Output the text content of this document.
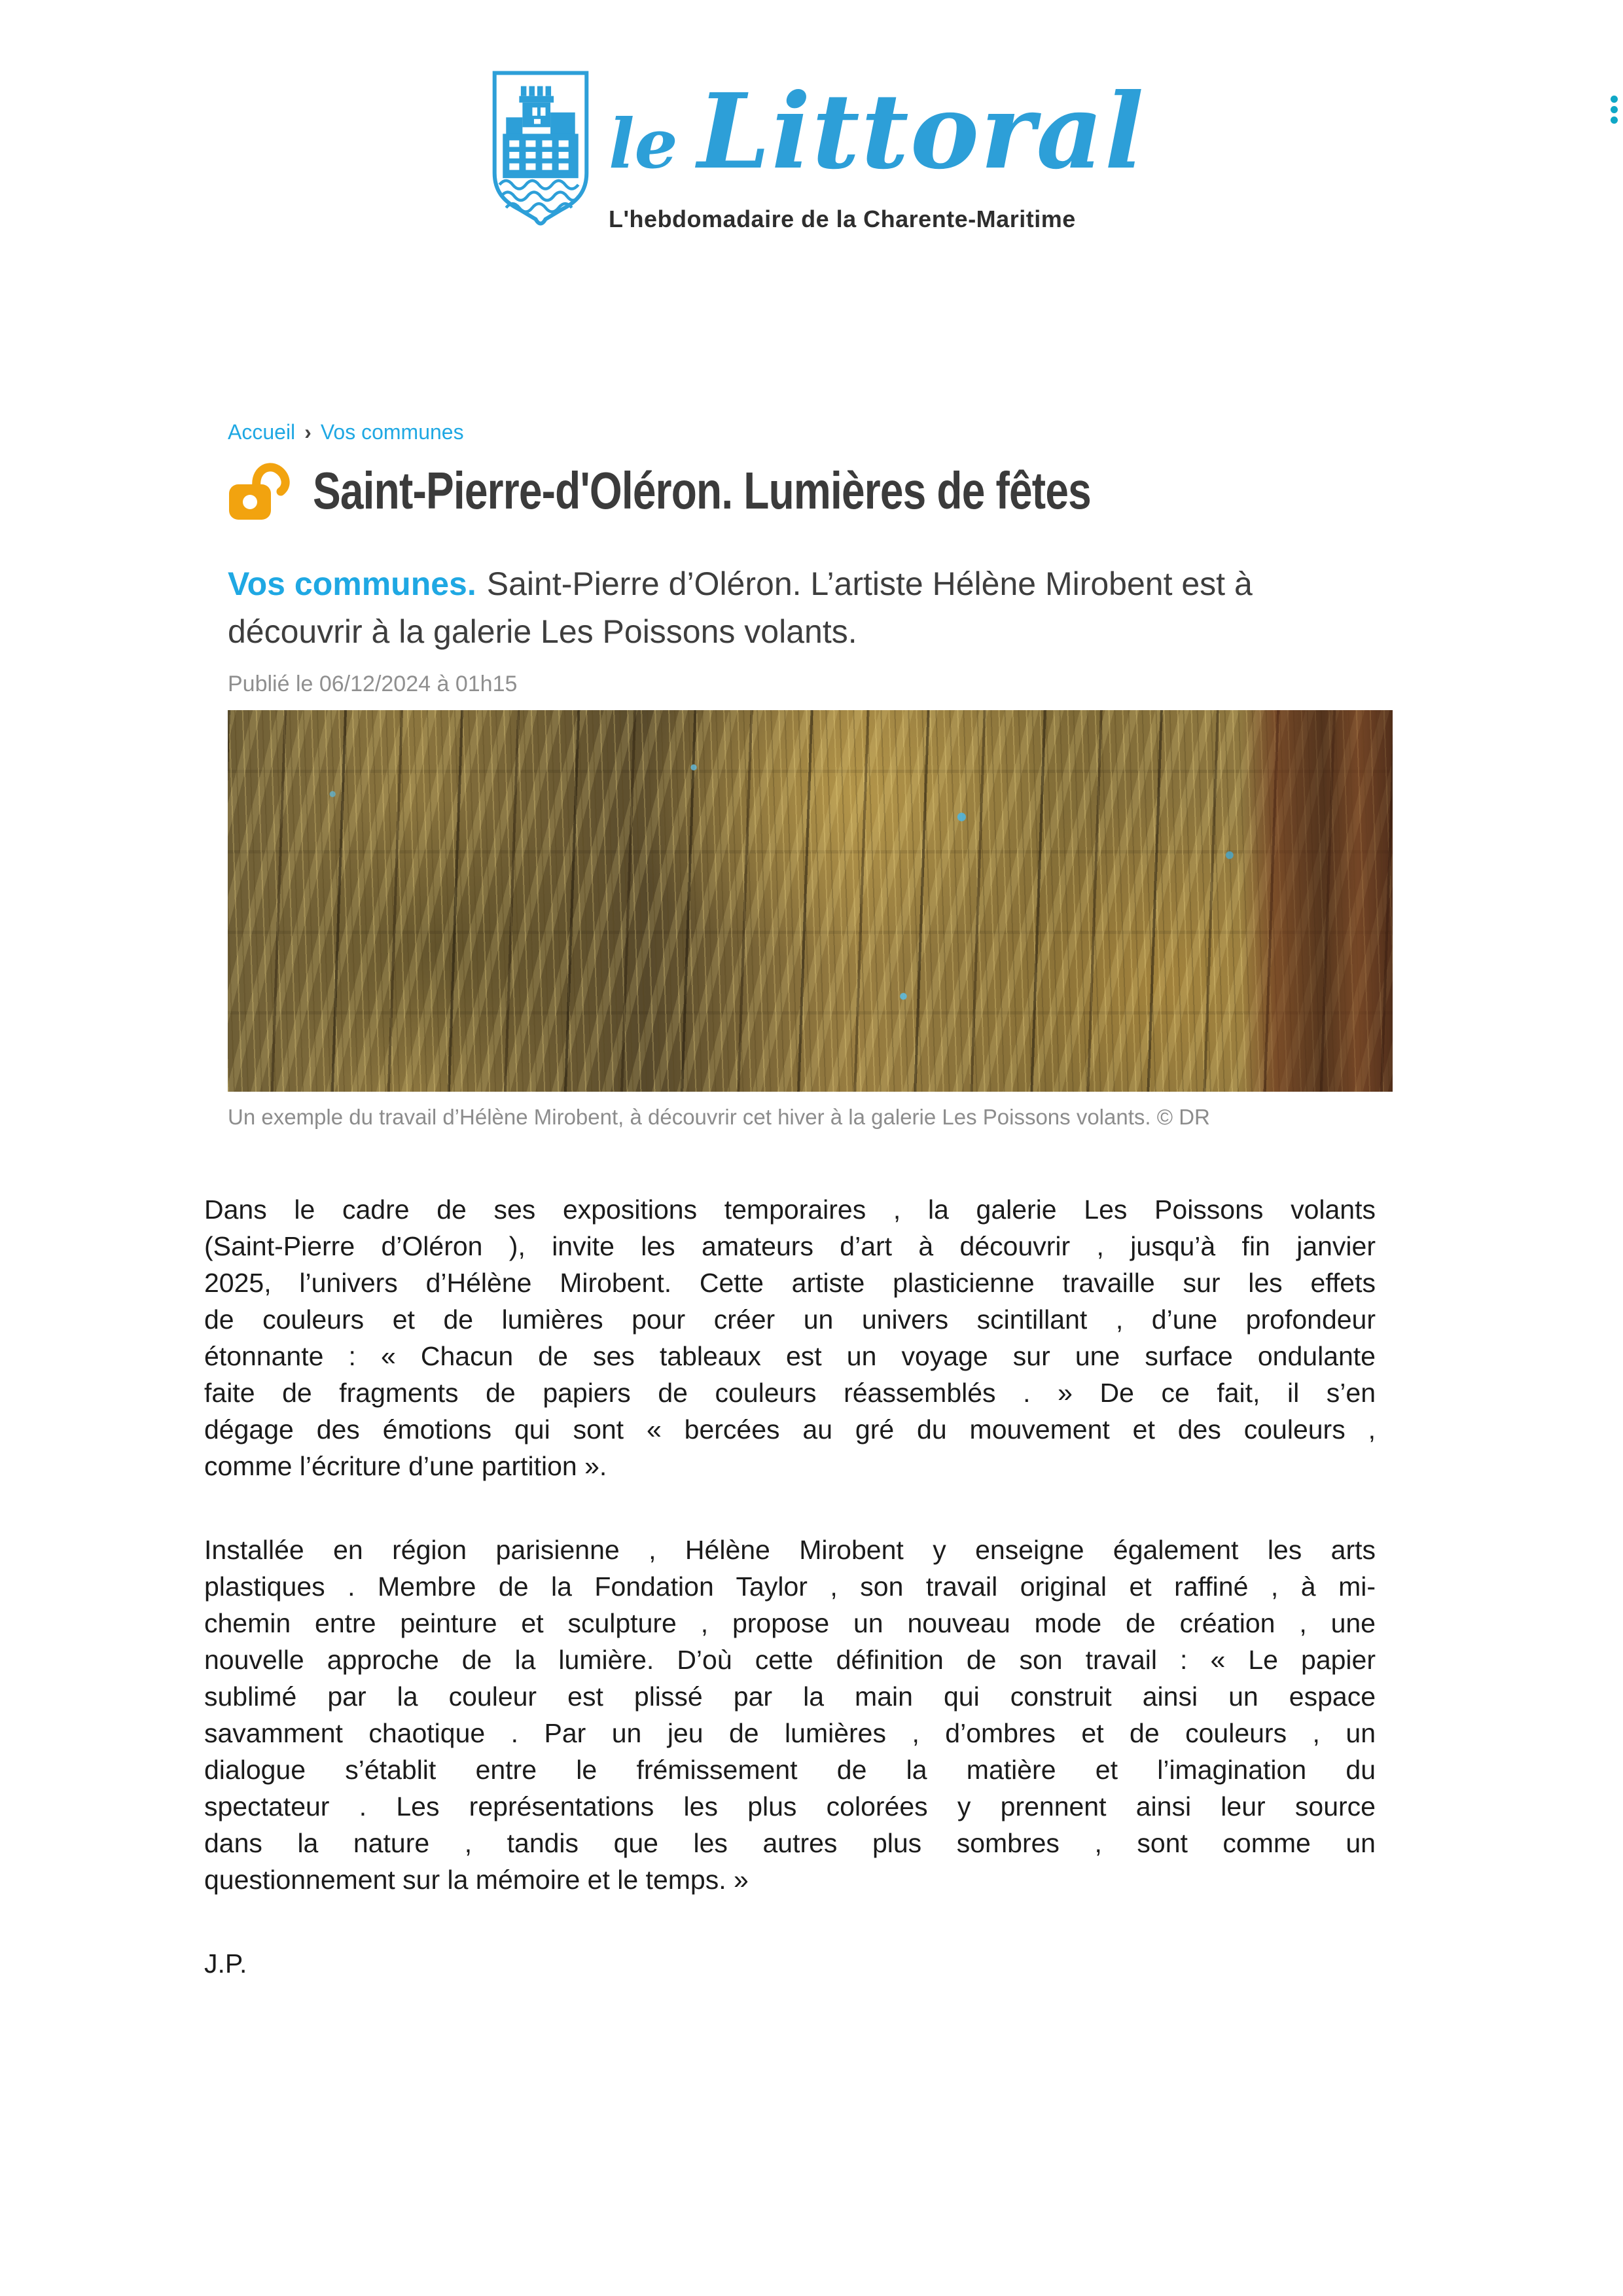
le Littoral
L'hebdomadaire de la Charente-Maritime
Accueil › Vos communes
Saint-Pierre-d'Oléron. Lumières de fêtes

Vos communes. Saint-Pierre d’Oléron. L’artiste Hélène Mirobent est à découvrir à la galerie Les Poissons volants.

Publié le 06/12/2024 à 01h15
Un exemple du travail d’Hélène Mirobent, à découvrir cet hiver à la galerie Les Poissons volants. © DR
Dans le cadre de ses expositions temporaires , la galerie Les Poissons volants
(Saint-Pierre d’Oléron ), invite les amateurs d’art à découvrir , jusqu’à fin janvier
2025, l’univers d’Hélène Mirobent. Cette artiste plasticienne travaille sur les effets
de couleurs et de lumières pour créer un univers scintillant , d’une profondeur
étonnante : « Chacun de ses tableaux est un voyage sur une surface ondulante
faite de fragments de papiers de couleurs réassemblés . » De ce fait, il s’en
dégage des émotions qui sont « bercées au gré du mouvement et des couleurs ,
comme l’écriture d’une partition ».
Installée en région parisienne , Hélène Mirobent y enseigne également les arts
plastiques . Membre de la Fondation Taylor , son travail original et raffiné , à mi-
chemin entre peinture et sculpture , propose un nouveau mode de création , une
nouvelle approche de la lumière. D’où cette définition de son travail : « Le papier
sublimé par la couleur est plissé par la main qui construit ainsi un espace
savamment chaotique . Par un jeu de lumières , d’ombres et de couleurs , un
dialogue s’établit entre le frémissement de la matière et l’imagination du
spectateur . Les représentations les plus colorées y prennent ainsi leur source
dans la nature , tandis que les autres plus sombres , sont comme un
questionnement sur la mémoire et le temps. »
J.P.
